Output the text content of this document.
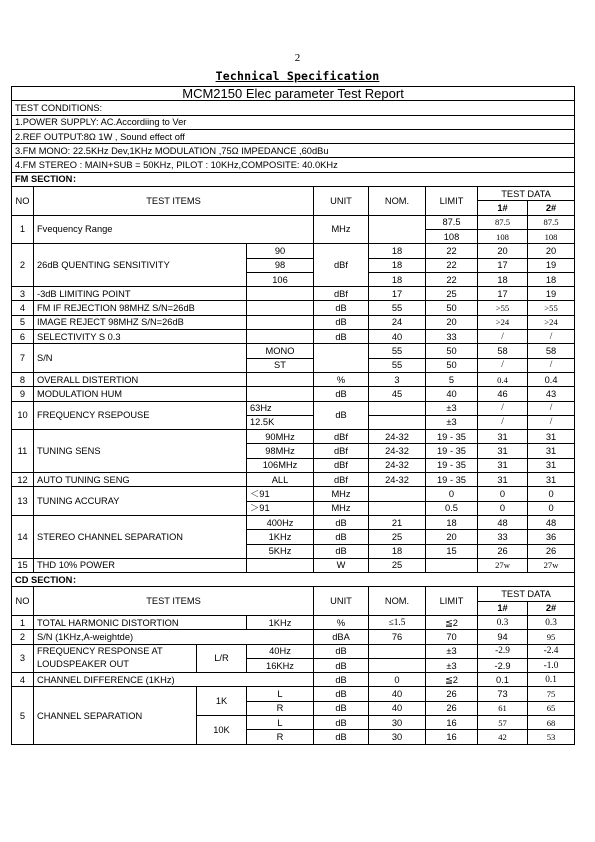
2
Technical Specification
MCM2150 Elec parameter Test Report								
TEST CONDITIONS:								
1.POWER SUPPLY: AC.Accordiing to Ver								
2.REF OUTPUT:8Ω 1W , Sound effect off								
3.FM MONO: 22.5KHz Dev,1KHz MODULATION ,75Ω IMPEDANCE ,60dBu								
4.FM STEREO : MAIN+SUB = 50KHz, PILOT : 10KHz,COMPOSITE: 40.0KHz								
FM SECTION：								
NO	TEST ITEMS			UNIT	NOM.	LIMIT	TEST DATA	
							1#	2#
1	Fvequency Range			MHz		87.5	87.5	87.5
						108	108	108
2	26dB QUENTING SENSITIVITY		90	dBf	18	22	20	20
			98		18	22	17	19
			106		18	22	18	18
3	-3dB LIMITING POINT			dBf	17	25	17	19
4	FM IF REJECTION 98MHZ S/N=26dB			dB	55	50	>55	>55
5	IMAGE REJECT 98MHZ S/N=26dB			dB	24	20	>24	>24
6	SELECTIVITY S 0.3			dB	40	33	/	/
7	S/N		MONO		55	50	58	58
			ST		55	50	/	/
8	OVERALL DISTERTION			%	3	5	0.4	0.4
9	MODULATION HUM			dB	45	40	46	43
10	FREQUENCY RSEPOUSE		63Hz	dB		±3	/	/
			12.5K			±3	/	/
11	TUNING SENS		90MHz	dBf	24-32	19 - 35	31	31
			98MHz	dBf	24-32	19 - 35	31	31
			106MHz	dBf	24-32	19 - 35	31	31
12	AUTO TUNING SENG		ALL	dBf	24-32	19 - 35	31	31
13	TUNING ACCURAY		＜91	MHz		0	0	0
			＞91	MHz		0.5	0	0
14	STEREO CHANNEL SEPARATION		400Hz	dB	21	18	48	48
			1KHz	dB	25	20	33	36
			5KHz	dB	18	15	26	26
15	THD 10% POWER			W	25		27w	27w
CD SECTION：								
NO	TEST ITEMS			UNIT	NOM.	LIMIT	TEST DATA	
							1#	2#
1	TOTAL HARMONIC DISTORTION		1KHz	%	≤1.5	≦2	0.3	0.3
2	S/N (1KHz,A-weightde)			dBA	76	70	94	95
3	FREQUENCY RESPONSE AT
LOUDSPEAKER OUT	L/R	40Hz	dB		±3	-2.9	-2.4
			16KHz	dB		±3	-2.9	-1.0
4	CHANNEL DIFFERENCE (1KHz)			dB	0	≦2	0.1	0.1
5	CHANNEL SEPARATION	1K	L	dB	40	26	73	75
			R	dB	40	26	61	65
		10K	L	dB	30	16	57	68
			R	dB	30	16	42	53
